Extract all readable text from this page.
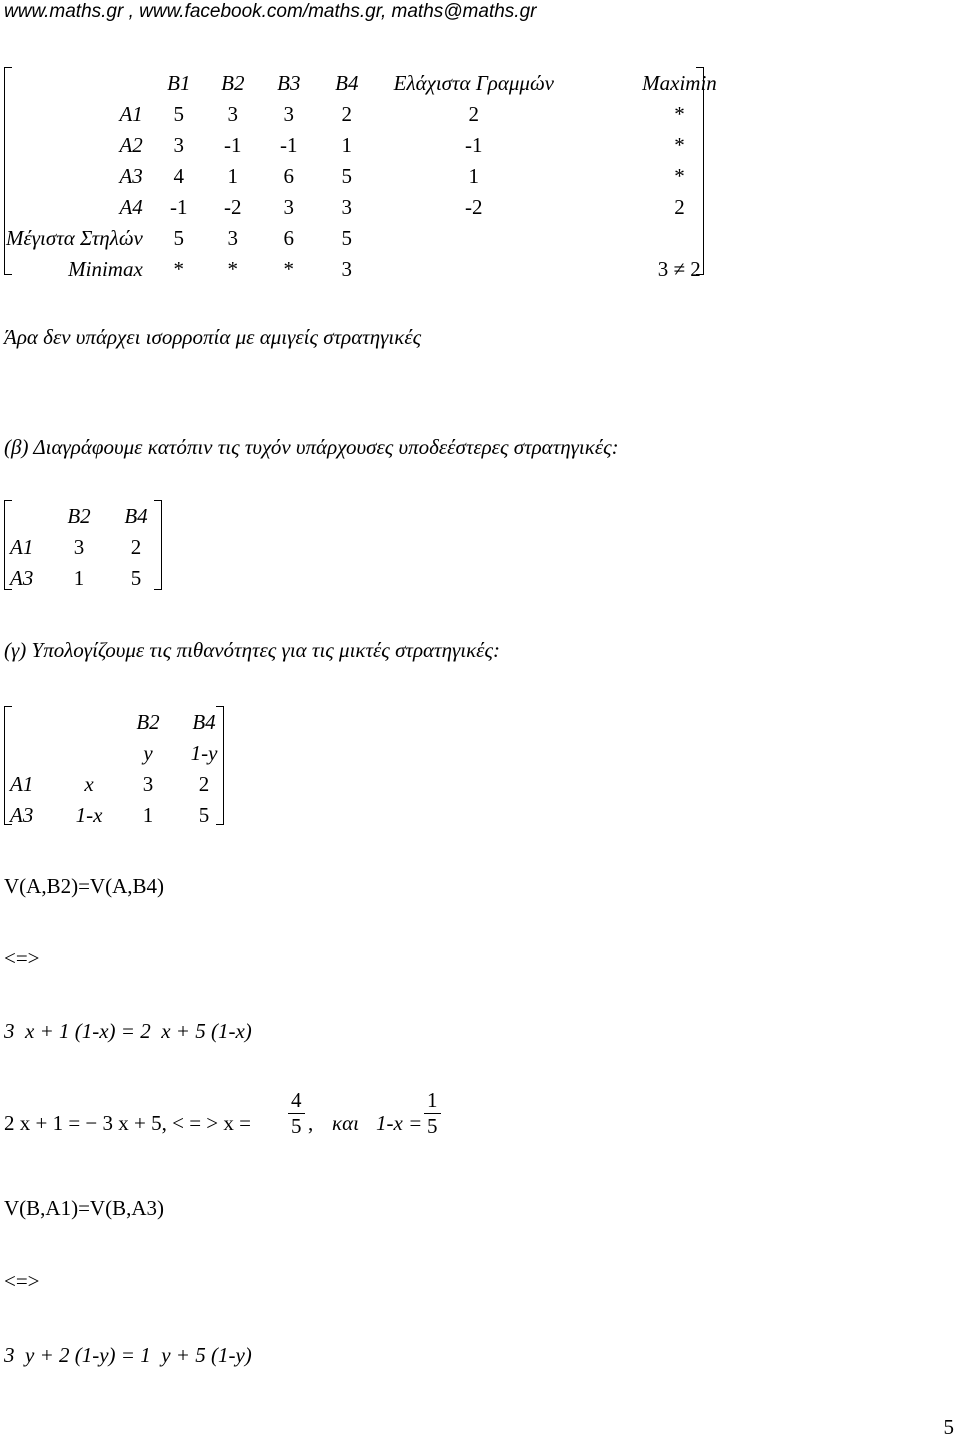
www.maths.gr , www.facebook.com/maths.gr, maths@maths.gr
	B1	B2	B3	B4	Ελάχιστα Γραμμών	Maximin
A1	5	3	3	2	2	*
A2	3	-1	-1	1	-1	*
A3	4	1	6	5	1	*
A4	-1	-2	3	3	-2	2
Μέγιστα Στηλών	5	3	6	5		
Minimax	*	*	*	3		3 ≠ 2
Άρα δεν υπάρχει ισορροπία με αμιγείς στρατηγικές
(β) Διαγράφουμε κατόπιν τις τυχόν υπάρχουσες υποδεέστερες στρατηγικές:
	B2	B4
A1	3	2
A3	1	5
(γ) Υπολογίζουμε τις πιθανότητες για τις μικτές στρατηγικές:
		B2	B4
		y	1-y
A1	x	3	2
A3	1-x	1	5
V(A,B2)=V(A,B4)
<=>
3  x + 1 (1-x) = 2  x + 5 (1-x)
2 x + 1 = − 3 x + 5, < = > x =
4
5 , και 1-x =
1
5
V(B,A1)=V(B,A3)
<=>
3  y + 2 (1-y) = 1  y + 5 (1-y)
5
